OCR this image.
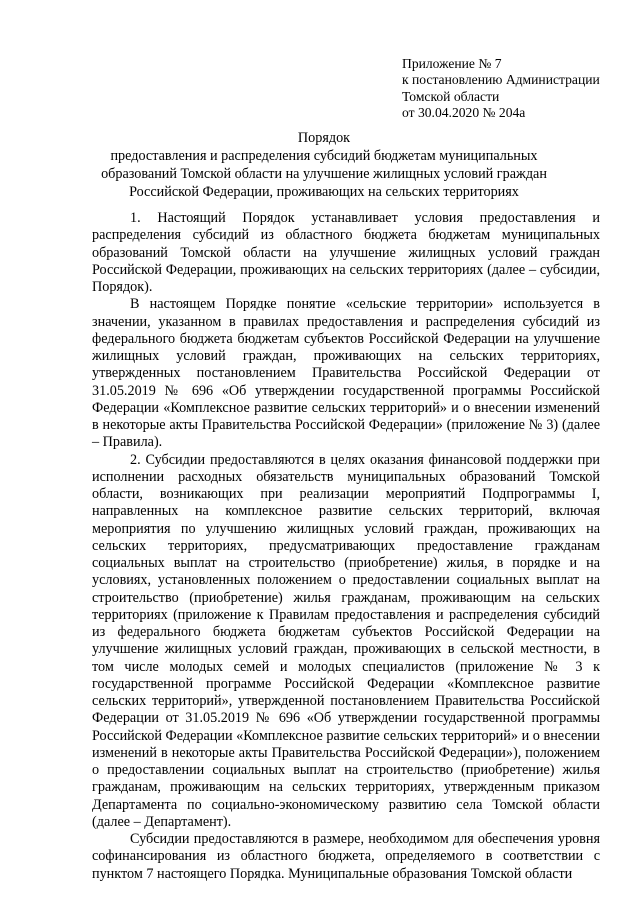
Приложение № 7
к постановлению Администрации
Томской области
от 30.04.2020 № 204а
Порядок
предоставления и распределения субсидий бюджетам муниципальных
образований Томской области на улучшение жилищных условий граждан
Российской Федерации, проживающих на сельских территориях

1. Настоящий Порядок устанавливает условия предоставления и распределения субсидий из областного бюджета бюджетам муниципальных образований Томской области на улучшение жилищных условий граждан Российской Федерации, проживающих на сельских территориях (далее – субсидии, Порядок).

В настоящем Порядке понятие «сельские территории» используется в значении, указанном в правилах предоставления и распределения субсидий из федерального бюджета бюджетам субъектов Российской Федерации на улучшение жилищных условий граждан, проживающих на сельских территориях, утвержденных постановлением Правительства Российской Федерации от 31.05.2019 № 696 «Об утверждении государственной программы Российской Федерации «Комплексное развитие сельских территорий» и о внесении изменений в некоторые акты Правительства Российской Федерации» (приложение № 3) (далее – Правила).

2. Субсидии предоставляются в целях оказания финансовой поддержки при исполнении расходных обязательств муниципальных образований Томской области, возникающих при реализации мероприятий Подпрограммы I, направленных на комплексное развитие сельских территорий, включая мероприятия по улучшению жилищных условий граждан, проживающих на сельских территориях, предусматривающих предоставление гражданам социальных выплат на строительство (приобретение) жилья, в порядке и на условиях, установленных положением о предоставлении социальных выплат на строительство (приобретение) жилья гражданам, проживающим на сельских территориях (приложение к Правилам предоставления и распределения субсидий из федерального бюджета бюджетам субъектов Российской Федерации на улучшение жилищных условий граждан, проживающих в сельской местности, в том числе молодых семей и молодых специалистов (приложение № 3 к государственной программе Российской Федерации «Комплексное развитие сельских территорий», утвержденной постановлением Правительства Российской Федерации от 31.05.2019 № 696 «Об утверждении государственной программы Российской Федерации «Комплексное развитие сельских территорий» и о внесении изменений в некоторые акты Правительства Российской Федерации»), положением о предоставлении социальных выплат на строительство (приобретение) жилья гражданам, проживающим на сельских территориях, утвержденным приказом Департамента по социально-экономическому развитию села Томской области (далее – Департамент).

Субсидии предоставляются в размере, необходимом для обеспечения уровня софинансирования из областного бюджета, определяемого в соответствии с пунктом 7 настоящего Порядка. Муниципальные образования Томской области
